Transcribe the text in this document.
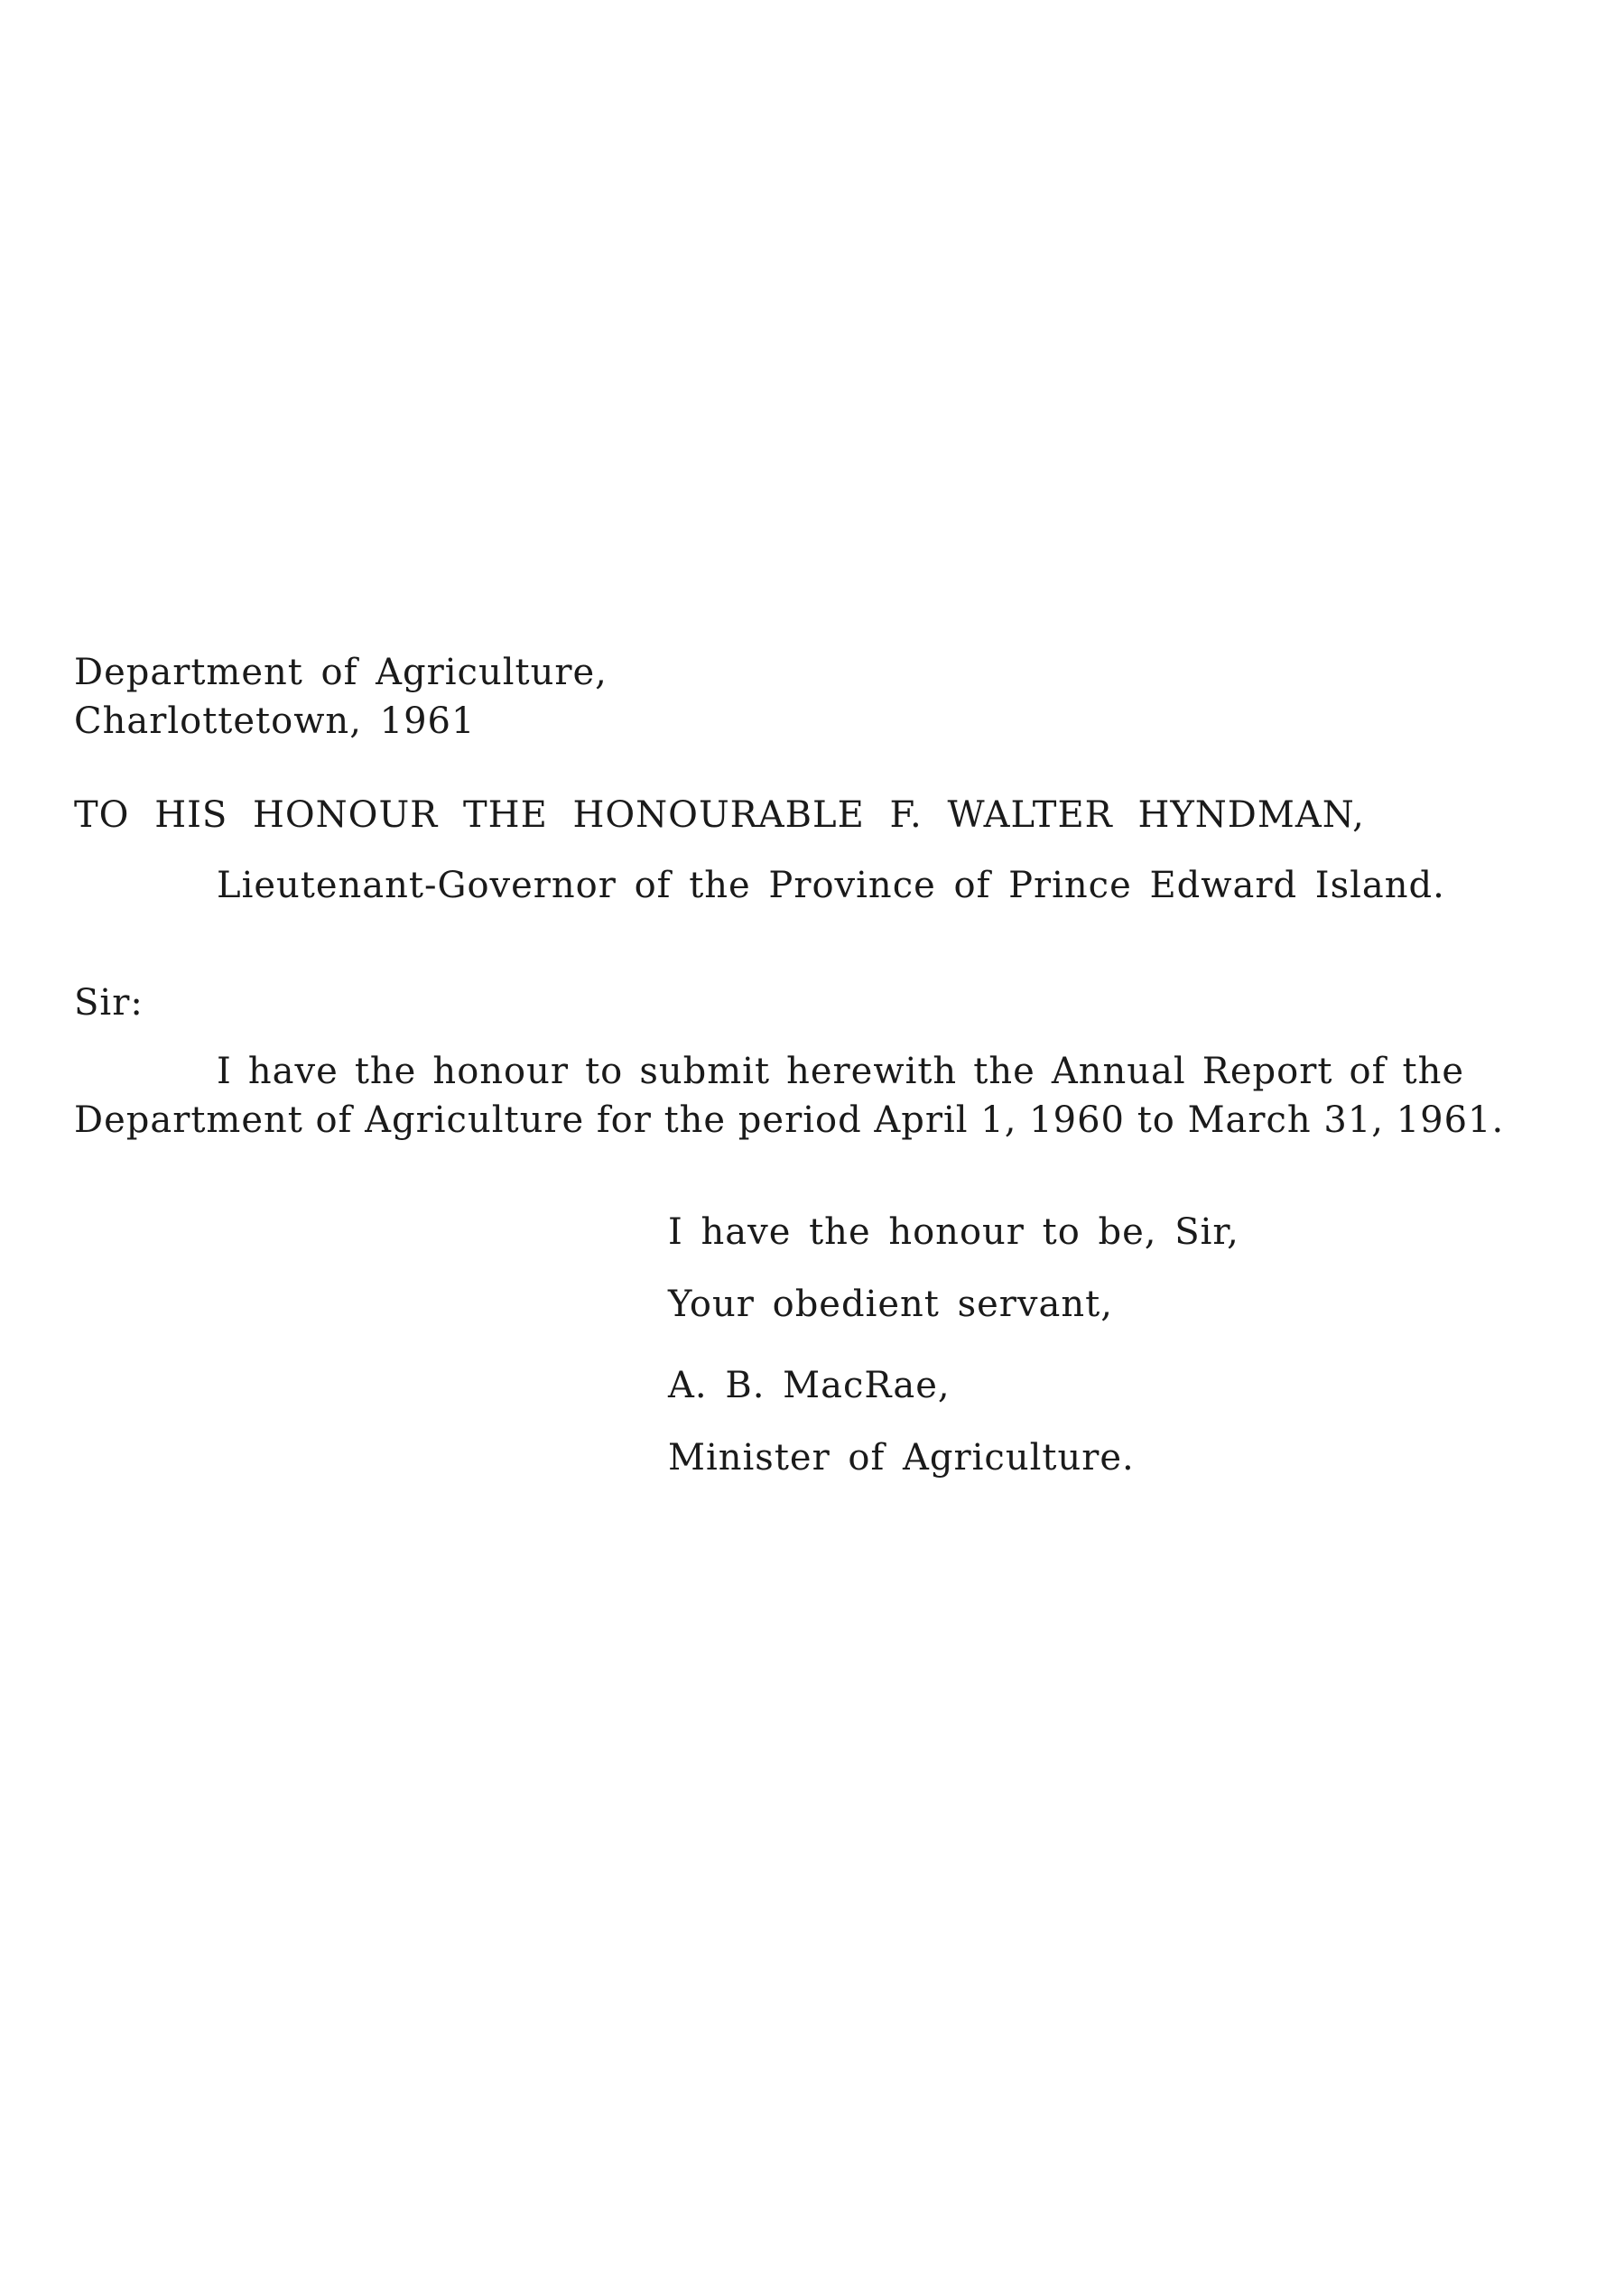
Department of Agriculture,
Charlottetown, 1961
TO HIS HONOUR THE HONOURABLE F. WALTER HYNDMAN,
Lieutenant-Governor of the Province of Prince Edward Island.
Sir:
I have the honour to submit herewith the Annual Report of the
Department of Agriculture for the period April 1, 1960 to March 31, 1961.
I have the honour to be, Sir,
Your obedient servant,
A. B. MacRae,
Minister of Agriculture.
